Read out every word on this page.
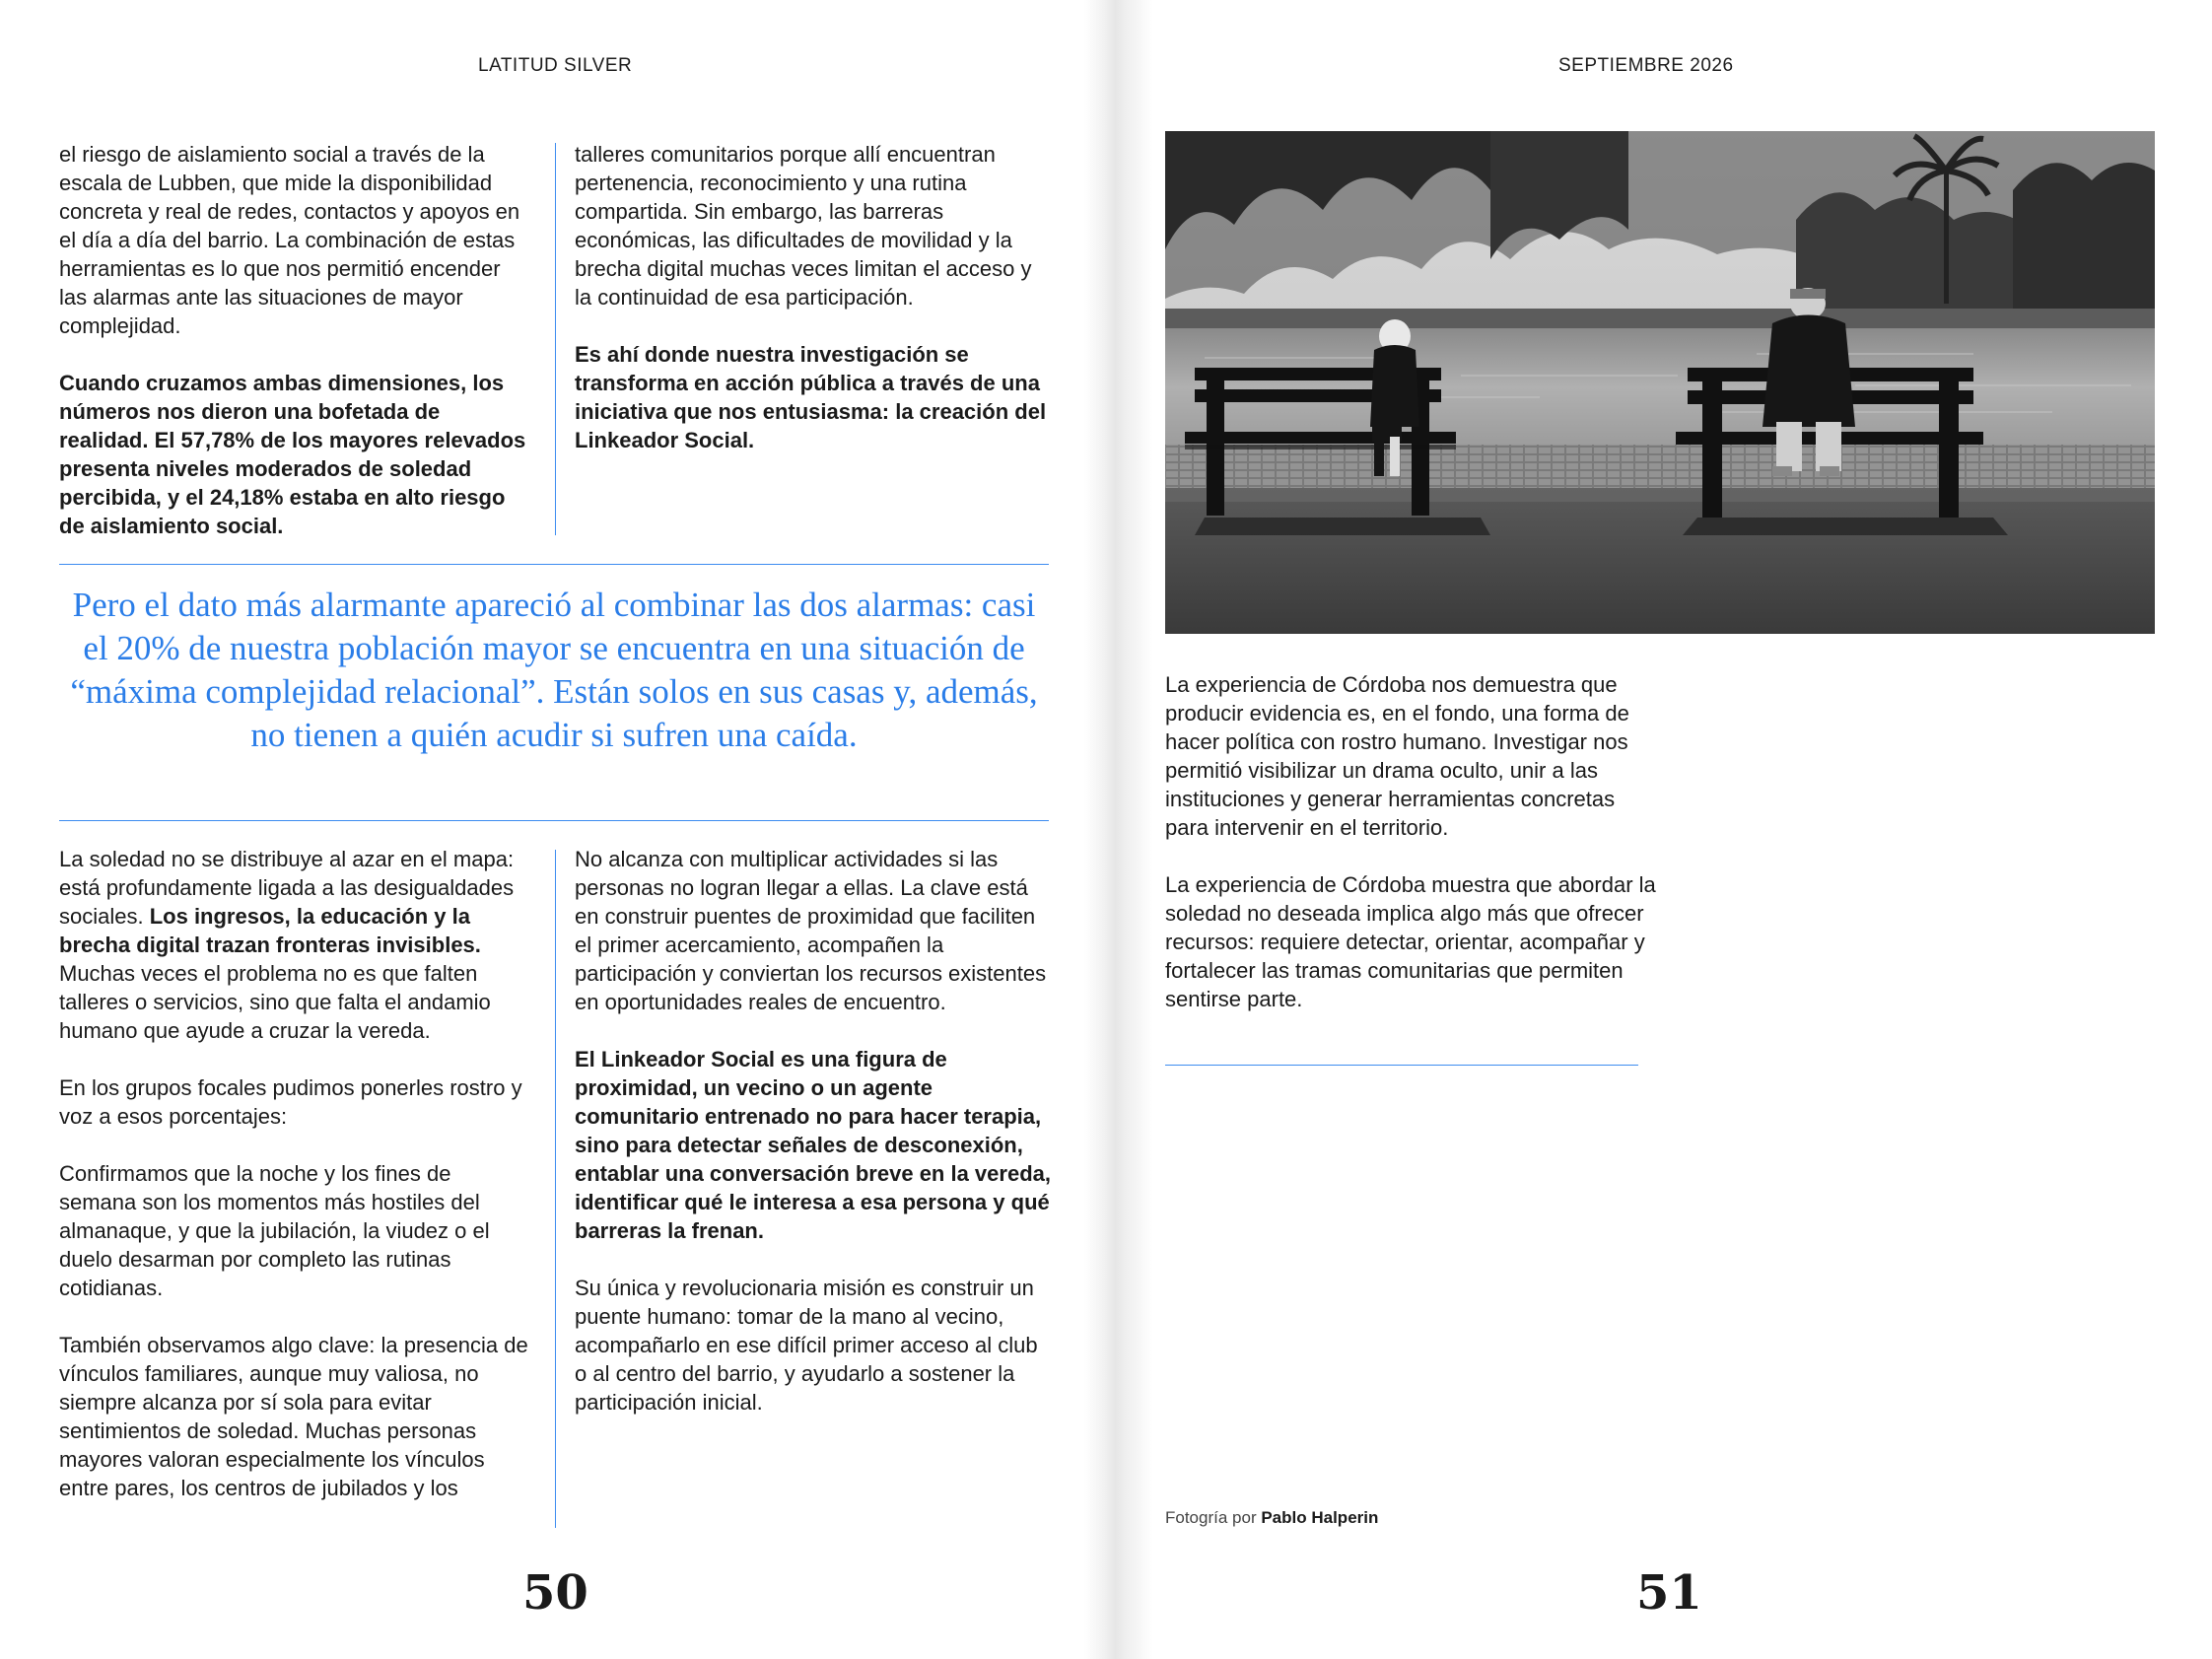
LATITUD SILVER

el riesgo de aislamiento social a través de la escala de Lubben, que mide la disponibilidad concreta y real de redes, contactos y apoyos en el día a día del barrio. La combinación de estas herramientas es lo que nos permitió encender las alarmas ante las situaciones de mayor complejidad.

Cuando cruzamos ambas dimensiones, los números nos dieron una bofetada de realidad. El 57,78% de los mayores relevados presenta niveles moderados de soledad percibida, y el 24,18% estaba en alto riesgo de aislamiento social.

talleres comunitarios porque allí encuentran pertenencia, reconocimiento y una rutina compartida. Sin embargo, las barreras económicas, las dificultades de movilidad y la brecha digital muchas veces limitan el acceso y la continuidad de esa participación.

Es ahí donde nuestra investigación se transforma en acción pública a través de una iniciativa que nos entusiasma: la creación del Linkeador Social.

Pero el dato más alarmante apareció al combinar las dos alarmas: casi el 20% de nuestra población mayor se encuentra en una situación de “máxima complejidad relacional”. Están solos en sus casas y, además, no tienen a quién acudir si sufren una caída.

La soledad no se distribuye al azar en el mapa: está profundamente ligada a las desigualdades sociales. Los ingresos, la educación y la brecha digital trazan fronteras invisibles. Muchas veces el problema no es que falten talleres o servicios, sino que falta el andamio humano que ayude a cruzar la vereda.

En los grupos focales pudimos ponerles rostro y voz a esos porcentajes:

Confirmamos que la noche y los fines de semana son los momentos más hostiles del almanaque, y que la jubilación, la viudez o el duelo desarman por completo las rutinas cotidianas.

También observamos algo clave: la presencia de vínculos familiares, aunque muy valiosa, no siempre alcanza por sí sola para evitar sentimientos de soledad. Muchas personas mayores valoran especialmente los vínculos entre pares, los centros de jubilados y los

No alcanza con multiplicar actividades si las personas no logran llegar a ellas. La clave está en construir puentes de proximidad que faciliten el primer acercamiento, acompañen la participación y conviertan los recursos existentes en oportunidades reales de encuentro.

El Linkeador Social es una figura de proximidad, un vecino o un agente comunitario entrenado no para hacer terapia, sino para detectar señales de desconexión, entablar una conversación breve en la vereda, identificar qué le interesa a esa persona y qué barreras la frenan.

Su única y revolucionaria misión es construir un puente humano: tomar de la mano al vecino, acompañarlo en ese difícil primer acceso al club o al centro del barrio, y ayudarlo a sostener la participación inicial.

50
SEPTIEMBRE 2026
51

La experiencia de Córdoba nos demuestra que producir evidencia es, en el fondo, una forma de hacer política con rostro humano. Investigar nos permitió visibilizar un drama oculto, unir a las instituciones y generar herramientas concretas para intervenir en el territorio.

La experiencia de Córdoba muestra que abordar la soledad no deseada implica algo más que ofrecer recursos: requiere detectar, orientar, acompañar y fortalecer las tramas comunitarias que permiten sentirse parte.

Fotogría por Pablo Halperin
